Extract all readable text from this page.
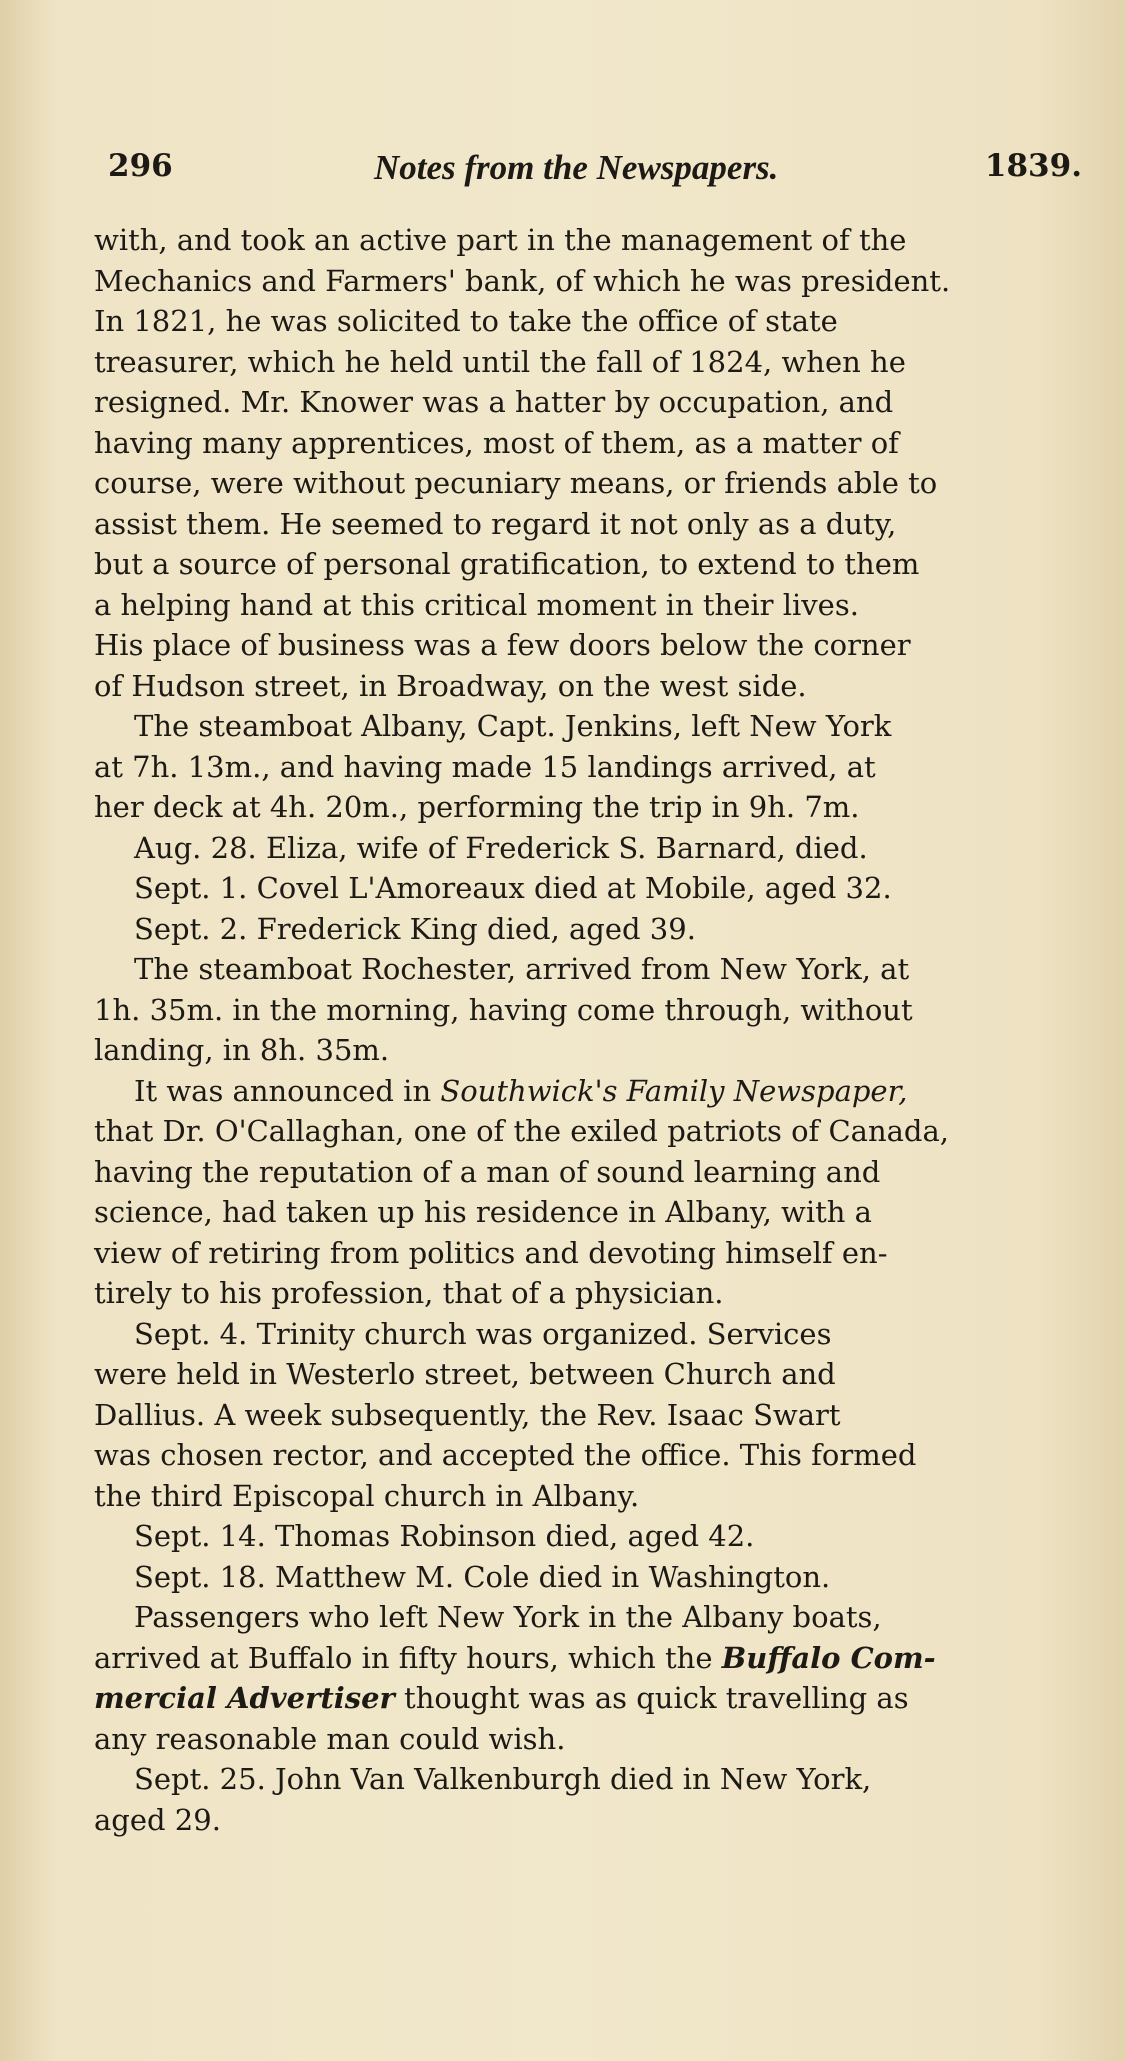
296	Notes from the Newspapers.	1839.
with, and took an active part in the management of the
Mechanics and Farmers' bank, of which he was president.
In 1821, he was solicited to take the office of state
treasurer, which he held until the fall of 1824, when he
resigned. Mr. Knower was a hatter by occupation, and
having many apprentices, most of them, as a matter of
course, were without pecuniary means, or friends able to
assist them. He seemed to regard it not only as a duty,
but a source of personal gratification, to extend to them
a helping hand at this critical moment in their lives.
His place of business was a few doors below the corner
of Hudson street, in Broadway, on the west side.
The steamboat Albany, Capt. Jenkins, left New York
at 7h. 13m., and having made 15 landings arrived, at
her deck at 4h. 20m., performing the trip in 9h. 7m.
Aug. 28. Eliza, wife of Frederick S. Barnard, died.
Sept. 1. Covel L'Amoreaux died at Mobile, aged 32.
Sept. 2. Frederick King died, aged 39.
The steamboat Rochester, arrived from New York, at
1h. 35m. in the morning, having come through, without
landing, in 8h. 35m.
It was announced in Southwick's Family Newspaper,
that Dr. O'Callaghan, one of the exiled patriots of Canada,
having the reputation of a man of sound learning and
science, had taken up his residence in Albany, with a
view of retiring from politics and devoting himself en-
tirely to his profession, that of a physician.
Sept. 4. Trinity church was organized. Services
were held in Westerlo street, between Church and
Dallius. A week subsequently, the Rev. Isaac Swart
was chosen rector, and accepted the office. This formed
the third Episcopal church in Albany.
Sept. 14. Thomas Robinson died, aged 42.
Sept. 18. Matthew M. Cole died in Washington.
Passengers who left New York in the Albany boats,
arrived at Buffalo in fifty hours, which the Buffalo Com-
mercial Advertiser thought was as quick travelling as
any reasonable man could wish.
Sept. 25. John Van Valkenburgh died in New York,
aged 29.
